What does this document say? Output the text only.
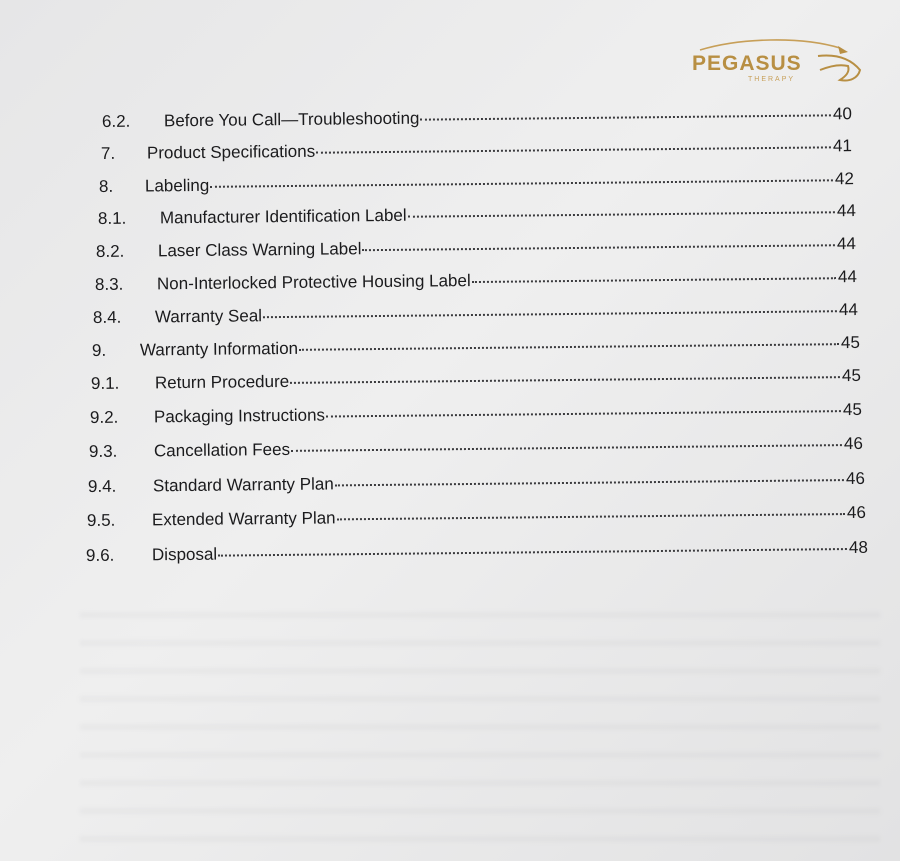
PEGASUS
THERAPY
6.2.	Before You Call—Troubleshooting	40
7.	Product Specifications	41
8.	Labeling	42
8.1.	Manufacturer Identification Label	44
8.2.	Laser Class Warning Label	44
8.3.	Non-Interlocked Protective Housing Label	44
8.4.	Warranty Seal	44
9.	Warranty Information	45
9.1.	Return Procedure	45
9.2.	Packaging Instructions	45
9.3.	Cancellation Fees	46
9.4.	Standard Warranty Plan	46
9.5.	Extended Warranty Plan	46
9.6.	Disposal	48
